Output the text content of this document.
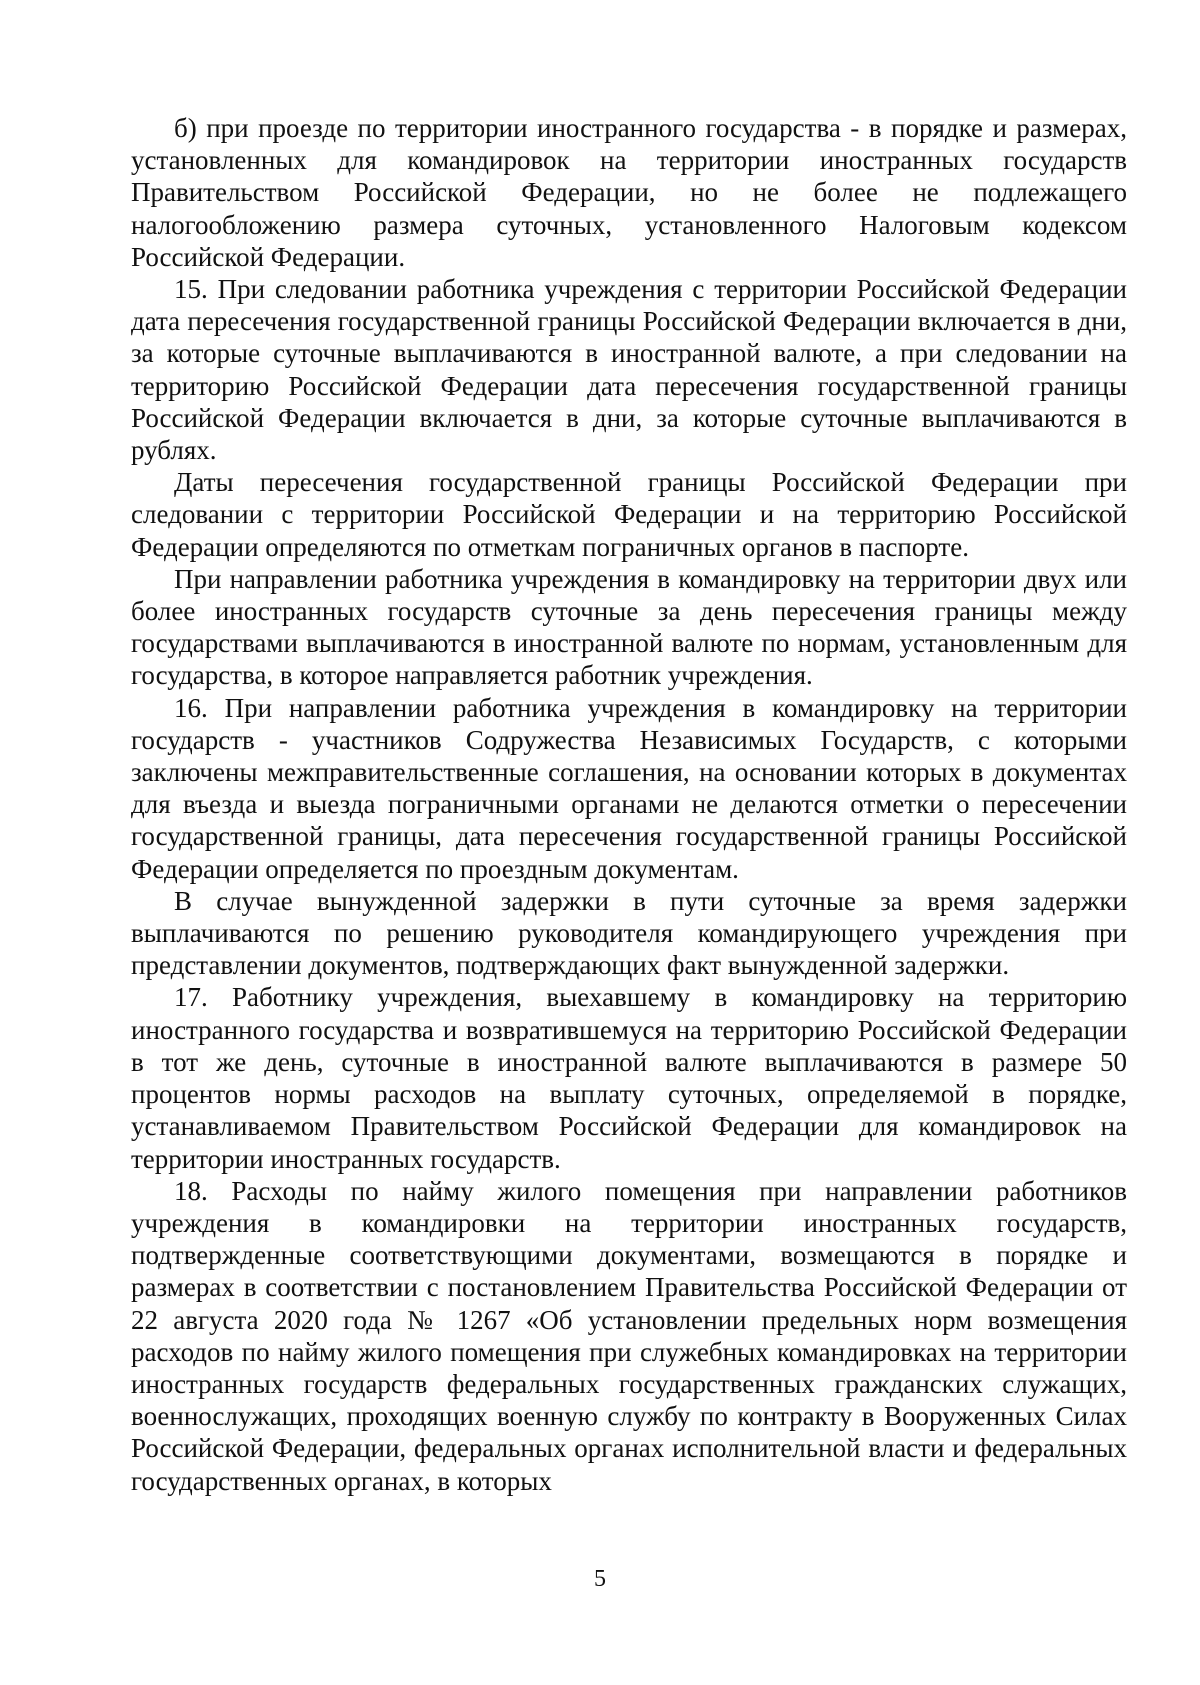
б) при проезде по территории иностранного государства - в порядке и размерах, установленных для командировок на территории иностранных государств Правительством Российской Федерации, но не более не подлежащего налогообложению размера суточных, установленного Налоговым кодексом Российской Федерации.

15. При следовании работника учреждения с территории Российской Федерации дата пересечения государственной границы Российской Федерации включается в дни, за которые суточные выплачиваются в иностранной валюте, а при следовании на территорию Российской Федерации дата пересечения государственной границы Российской Федерации включается в дни, за которые суточные выплачиваются в рублях.

Даты пересечения государственной границы Российской Федерации при следовании с территории Российской Федерации и на территорию Российской Федерации определяются по отметкам пограничных органов в паспорте.

При направлении работника учреждения в командировку на территории двух или более иностранных государств суточные за день пересечения границы между государствами выплачиваются в иностранной валюте по нормам, установленным для государства, в которое направляется работник учреждения.

16. При направлении работника учреждения в командировку на территории государств - участников Содружества Независимых Государств, с которыми заключены межправительственные соглашения, на основании которых в документах для въезда и выезда пограничными органами не делаются отметки о пересечении государственной границы, дата пересечения государственной границы Российской Федерации определяется по проездным документам.

В случае вынужденной задержки в пути суточные за время задержки выплачиваются по решению руководителя командирующего учреждения при представлении документов, подтверждающих факт вынужденной задержки.

17. Работнику учреждения, выехавшему в командировку на территорию иностранного государства и возвратившемуся на территорию Российской Федерации в тот же день, суточные в иностранной валюте выплачиваются в размере 50 процентов нормы расходов на выплату суточных, определяемой в порядке, устанавливаемом Правительством Российской Федерации для командировок на территории иностранных государств.

18. Расходы по найму жилого помещения при направлении работников учреждения в командировки на территории иностранных государств, подтвержденные соответствующими документами, возмещаются в порядке и размерах в соответствии с постановлением Правительства Российской Федерации от 22 августа 2020 года № 1267 «Об установлении предельных норм возмещения расходов по найму жилого помещения при служебных командировках на территории иностранных государств федеральных государственных гражданских служащих, военнослужащих, проходящих военную службу по контракту в Вооруженных Силах Российской Федерации, федеральных органах исполнительной власти и федеральных государственных органах, в которых

5
